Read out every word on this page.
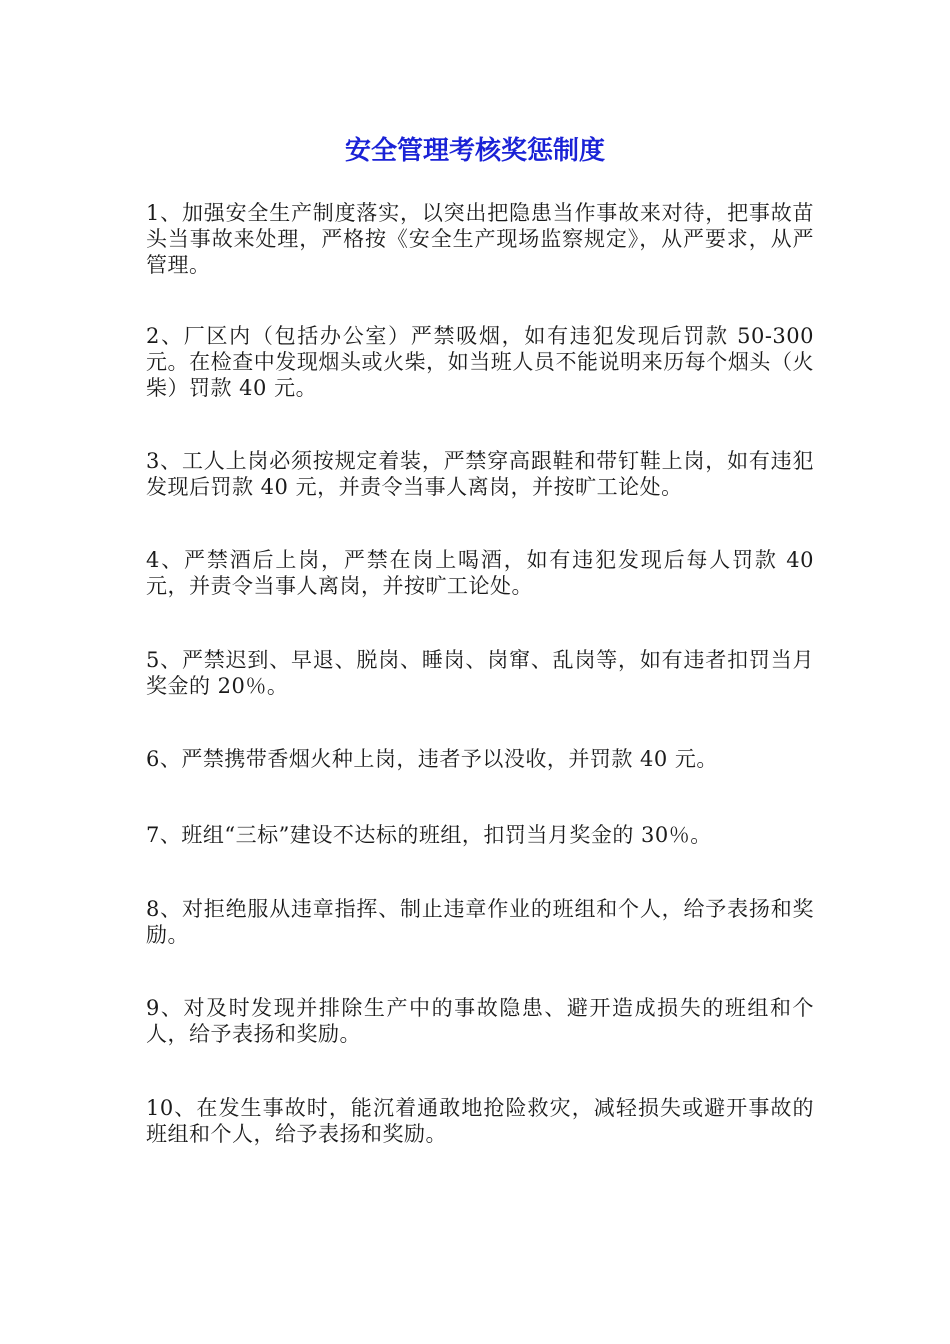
安全管理考核奖惩制度
1、加强安全生产制度落实，以突出把隐患当作事故来对待，把事故苗头当事故来处理，严格按《安全生产现场监察规定》，从严要求，从严管理。
2、厂区内（包括办公室）严禁吸烟，如有违犯发现后罚款 50-300 元。在检查中发现烟头或火柴，如当班人员不能说明来历每个烟头（火柴）罚款 40 元。
3、工人上岗必须按规定着装，严禁穿高跟鞋和带钉鞋上岗，如有违犯发现后罚款 40 元，并责令当事人离岗，并按旷工论处。
4、严禁酒后上岗，严禁在岗上喝酒，如有违犯发现后每人罚款 40 元，并责令当事人离岗，并按旷工论处。
5、严禁迟到、早退、脱岗、睡岗、岗窜、乱岗等，如有违者扣罚当月奖金的 20％。
6、严禁携带香烟火种上岗，违者予以没收，并罚款 40 元。
7、班组“三标”建设不达标的班组，扣罚当月奖金的 30％。
8、对拒绝服从违章指挥、制止违章作业的班组和个人，给予表扬和奖励。
9、对及时发现并排除生产中的事故隐患、避开造成损失的班组和个人，给予表扬和奖励。
10、在发生事故时，能沉着通敢地抢险救灾，减轻损失或避开事故的班组和个人，给予表扬和奖励。
